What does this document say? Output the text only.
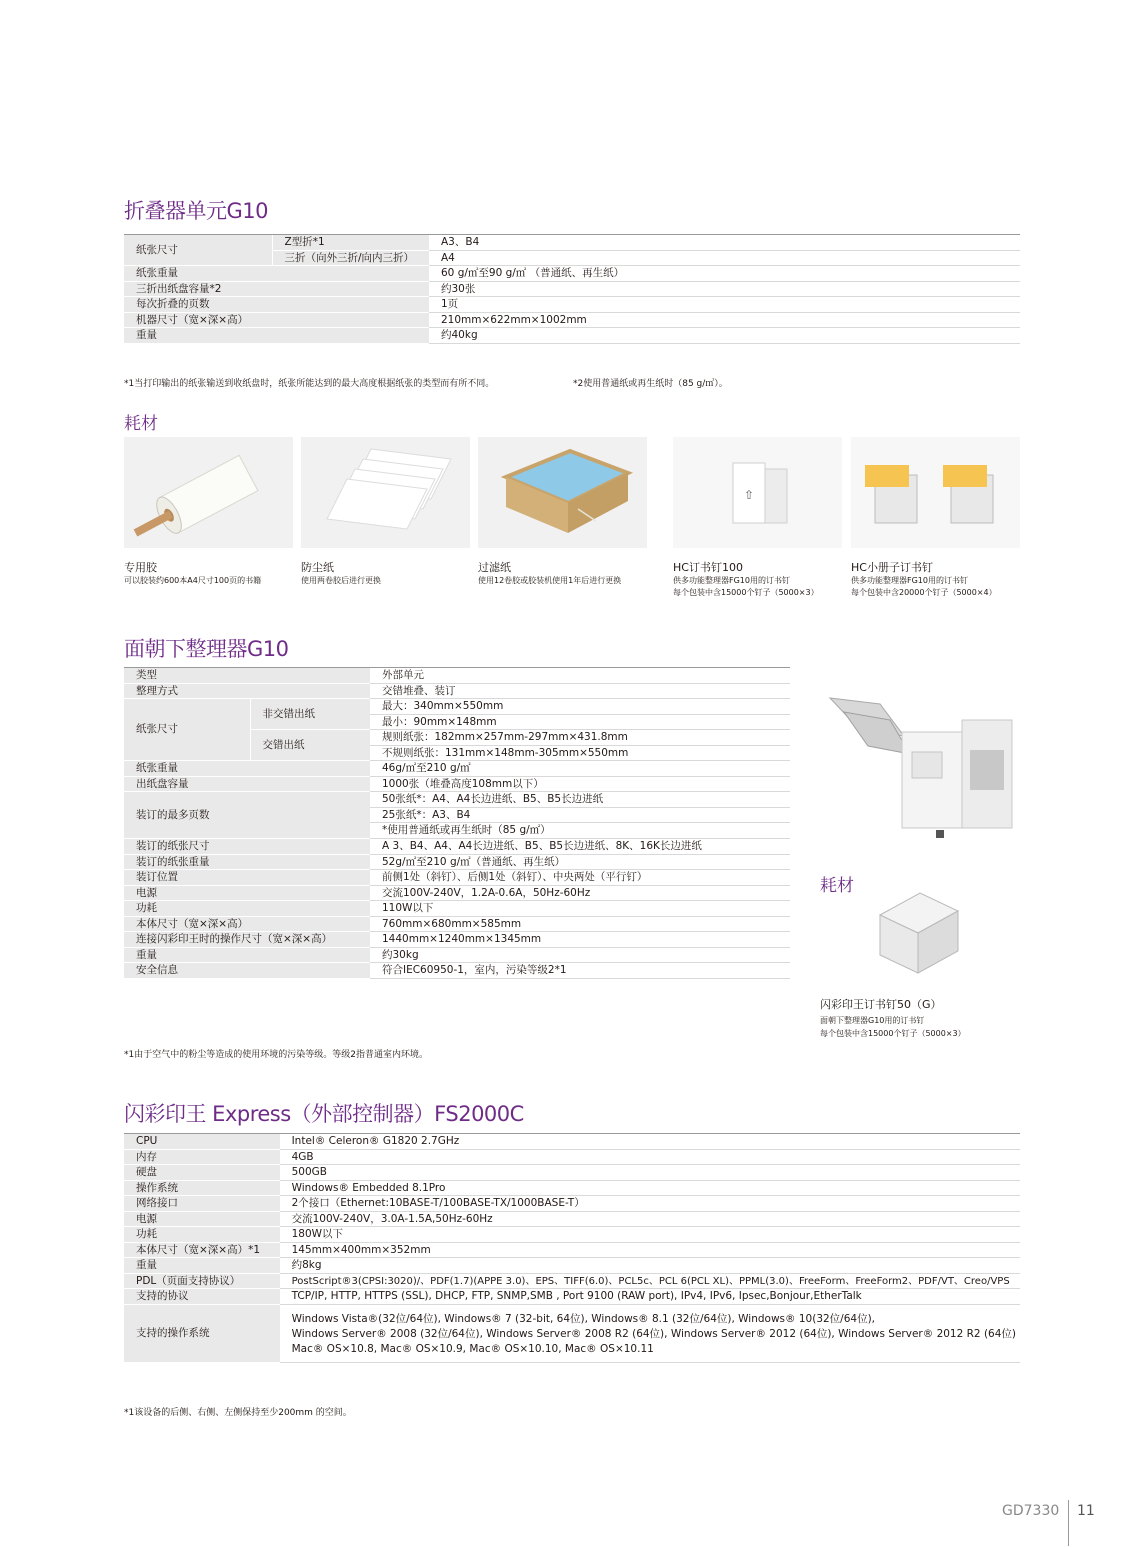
折叠器单元G10
纸张尺寸	Z型折*1	A3、B4
	三折（向外三折/向内三折）	A4
纸张重量		60 g/㎡至90 g/㎡ （普通纸、再生纸）
三折出纸盘容量*2		约30张
每次折叠的页数		1页
机器尺寸（宽×深×高）		210mm×622mm×1002mm
重量		约40kg
*1当打印输出的纸张输送到收纸盘时，纸张所能达到的最大高度根据纸张的类型而有所不同。	*2使用普通纸或再生纸时（85 g/㎡）。
耗材
专用胶
可以胶装约600本A4尺寸100页的书籍
防尘纸
使用两卷胶后进行更换
过滤纸
使用12卷胶或胶装机使用1年后进行更换
⇧
HC订书钉100
供多功能整理器FG10用的订书钉
每个包装中含15000个钉子（5000×3）
HC小册子订书钉
供多功能整理器FG10用的订书钉
每个包装中含20000个钉子（5000×4）
面朝下整理器G10
类型		外部单元
整理方式		交错堆叠、装订
纸张尺寸	非交错出纸	最大：340mm×550mm
		最小：90mm×148mm
	交错出纸	规则纸张：182mm×257mm-297mm×431.8mm
		不规则纸张：131mm×148mm-305mm×550mm
纸张重量		46g/㎡至210 g/㎡
出纸盘容量		1000张（堆叠高度108mm以下）
装订的最多页数		50张纸*：A4、A4长边进纸、B5、B5长边进纸
		25张纸*：A3、B4
		*使用普通纸或再生纸时（85 g/㎡）
装订的纸张尺寸		A 3、B4、A4、A4长边进纸、B5、B5长边进纸、8K、16K长边进纸
装订的纸张重量		52g/㎡至210 g/㎡（普通纸、再生纸）
装订位置		前侧1处（斜钉）、后侧1处（斜钉）、中央两处（平行钉）
电源		交流100V-240V，1.2A-0.6A，50Hz-60Hz
功耗		110W以下
本体尺寸（宽×深×高）		760mm×680mm×585mm
连接闪彩印王时的操作尺寸（宽×深×高）		1440mm×1240mm×1345mm
重量		约30kg
安全信息		符合IEC60950-1，室内，污染等级2*1
*1由于空气中的粉尘等造成的使用环境的污染等级。等级2指普通室内环境。
耗材
闪彩印王订书钉50（G）
面朝下整理器G10用的订书钉
每个包装中含15000个钉子（5000×3）
闪彩印王 Express（外部控制器）FS2000C
CPU	Intel® Celeron® G1820 2.7GHz
内存	4GB
硬盘	500GB
操作系统	Windows® Embedded 8.1Pro
网络接口	2个接口（Ethernet:10BASE-T/100BASE-TX/1000BASE-T）
电源	交流100V-240V，3.0A-1.5A,50Hz-60Hz
功耗	180W以下
本体尺寸（宽×深×高）*1	145mm×400mm×352mm
重量	约8kg
PDL（页面支持协议）	PostScript®3(CPSI:3020)/、PDF(1.7)(APPE 3.0)、EPS、TIFF(6.0)、PCL5c、PCL 6(PCL XL)、PPML(3.0)、FreeForm、FreeForm2、PDF/VT、Creo/VPS
支持的协议	TCP/IP, HTTP, HTTPS (SSL), DHCP, FTP, SNMP,SMB , Port 9100 (RAW port), IPv4, IPv6, Ipsec,Bonjour,EtherTalk
支持的操作系统	Windows Vista®(32位/64位), Windows® 7 (32-bit, 64位), Windows® 8.1 (32位/64位), Windows® 10(32位/64位),
Windows Server® 2008 (32位/64位), Windows Server® 2008 R2 (64位), Windows Server® 2012 (64位), Windows Server® 2012 R2 (64位)
Mac® OS×10.8, Mac® OS×10.9, Mac® OS×10.10, Mac® OS×10.11
*1该设备的后侧、右侧、左侧保持至少200mm 的空间。
GD7330 11
